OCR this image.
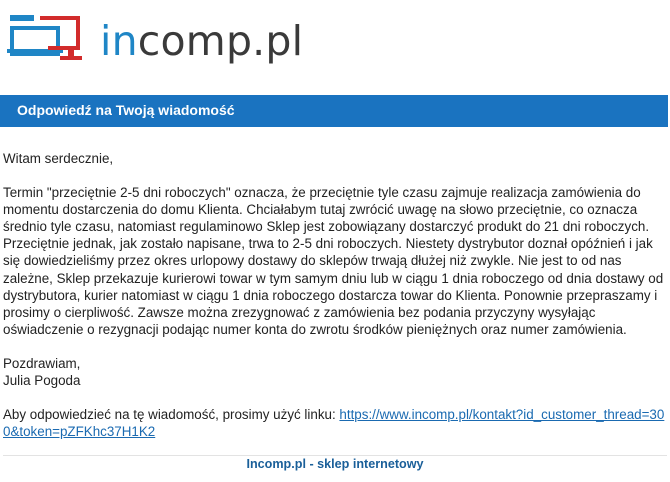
incomp.pl
Odpowiedź na Twoją wiadomość

Witam serdecznie,

Termin "przeciętnie 2-5 dni roboczych" oznacza, że przeciętnie tyle czasu zajmuje realizacja zamówienia do momentu dostarczenia do domu Klienta. Chciałabym tutaj zwrócić uwagę na słowo przeciętnie, co oznacza średnio tyle czasu, natomiast regulaminowo Sklep jest zobowiązany dostarczyć produkt do 21 dni roboczych. Przeciętnie jednak, jak zostało napisane, trwa to 2-5 dni roboczych. Niestety dystrybutor doznał opóźnień i jak się dowiedzieliśmy przez okres urlopowy dostawy do sklepów trwają dłużej niż zwykle. Nie jest to od nas zależne, Sklep przekazuje kurierowi towar w tym samym dniu lub w ciągu 1 dnia roboczego od dnia dostawy od dystrybutora, kurier natomiast w ciągu 1 dnia roboczego dostarcza towar do Klienta. Ponownie przepraszamy i prosimy o cierpliwość. Zawsze można zrezygnować z zamówienia bez podania przyczyny wysyłając oświadczenie o rezygnacji podając numer konta do zwrotu środków pieniężnych oraz numer zamówienia.

Pozdrawiam,
Julia Pogoda

Aby odpowiedzieć na tę wiadomość, prosimy użyć linku: https://www.incomp.pl/kontakt?id_customer_thread=300&token=pZFKhc37H1K2

Incomp.pl - sklep internetowy
